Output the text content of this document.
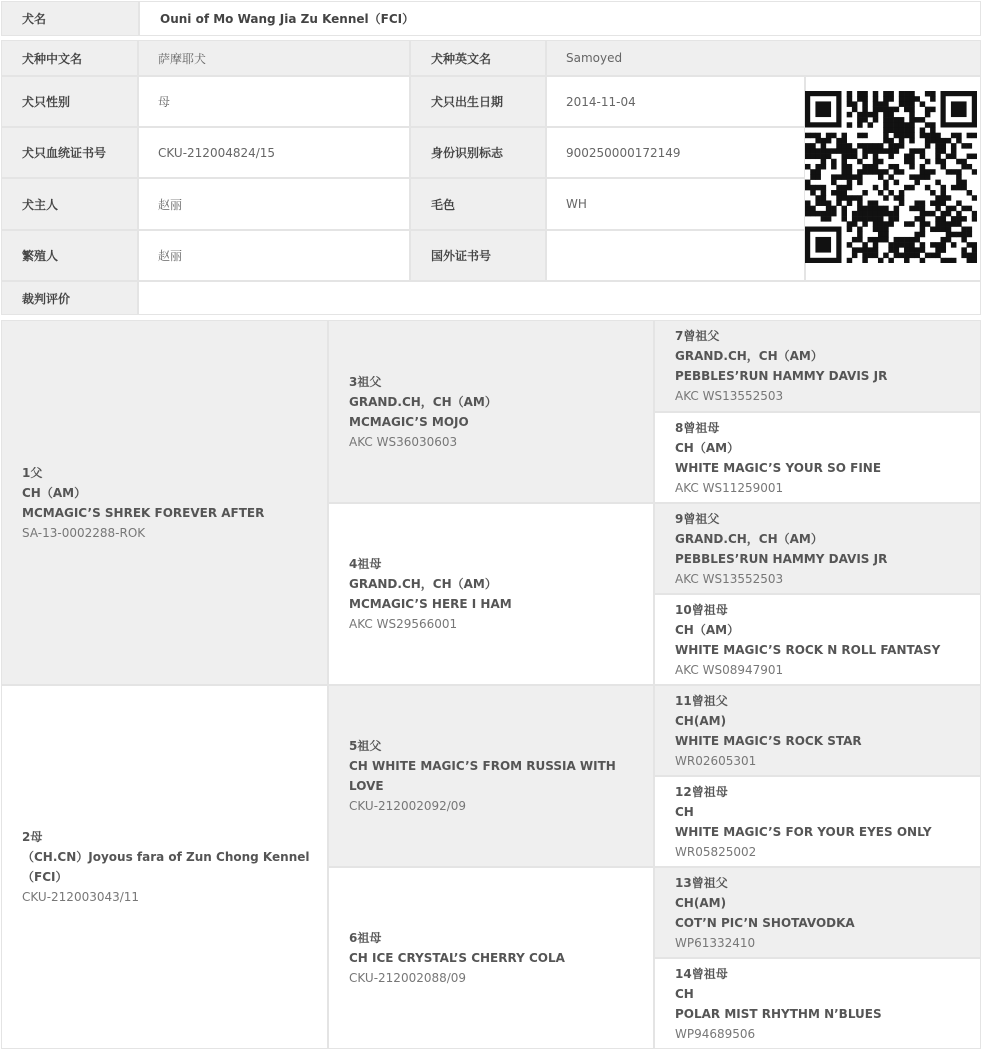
犬名	Ouni of Mo Wang Jia Zu Kennel（FCI）
犬种中文名	萨摩耶犬	犬种英文名	Samoyed
犬只性别	母	犬只出生日期	2014-11-04
犬只血统证书号	CKU-212004824/15	身份识别标志	900250000172149
犬主人	赵丽	毛色	WH
繁殖人	赵丽	国外证书号
裁判评价
1父
CH（AM）
MCMAGIC’S SHREK FOREVER AFTER
SA-13-0002288-ROK
2母
（CH.CN）Joyous fara of Zun Chong Kennel
（FCI）
CKU-212003043/11
3祖父
GRAND.CH，CH（AM）
MCMAGIC’S MOJO
AKC WS36030603
4祖母
GRAND.CH，CH（AM）
MCMAGIC’S HERE I HAM
AKC WS29566001
5祖父
CH WHITE MAGIC’S FROM RUSSIA WITH LOVE
CKU-212002092/09
6祖母
CH ICE CRYSTAL’S CHERRY COLA
CKU-212002088/09
7曾祖父
GRAND.CH，CH（AM）
PEBBLES’RUN HAMMY DAVIS JR
AKC WS13552503
8曾祖母
CH（AM）
WHITE MAGIC’S YOUR SO FINE
AKC WS11259001
9曾祖父
GRAND.CH，CH（AM）
PEBBLES’RUN HAMMY DAVIS JR
AKC WS13552503
10曾祖母
CH（AM）
WHITE MAGIC’S ROCK N ROLL FANTASY
AKC WS08947901
11曾祖父
CH(AM)
WHITE MAGIC’S ROCK STAR
WR02605301
12曾祖母
CH
WHITE MAGIC’S FOR YOUR EYES ONLY
WR05825002
13曾祖父
CH(AM)
COT’N PIC’N SHOTAVODKA
WP61332410
14曾祖母
CH
POLAR MIST RHYTHM N’BLUES
WP94689506
